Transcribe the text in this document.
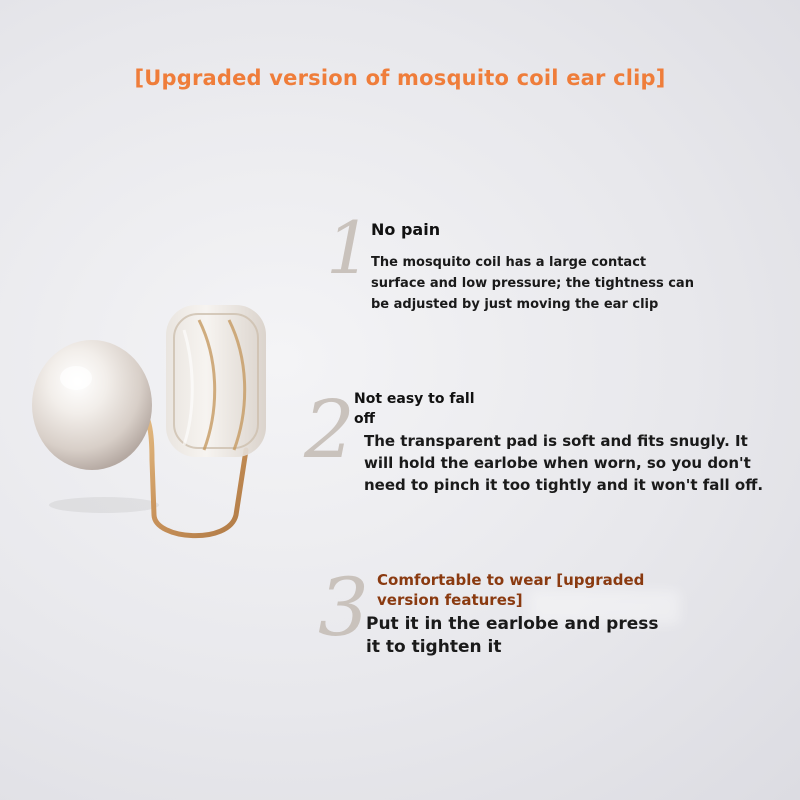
[Upgraded version of mosquito coil ear clip]
1 No pain
The mosquito coil has a large contact
surface and low pressure; the tightness can
be adjusted by just moving the ear clip
2 Not easy to fall
off
The transparent pad is soft and fits snugly. It
will hold the earlobe when worn, so you don't
need to pinch it too tightly and it won't fall off.
3 Comfortable to wear [upgraded
version features]
Put it in the earlobe and press
it to tighten it
